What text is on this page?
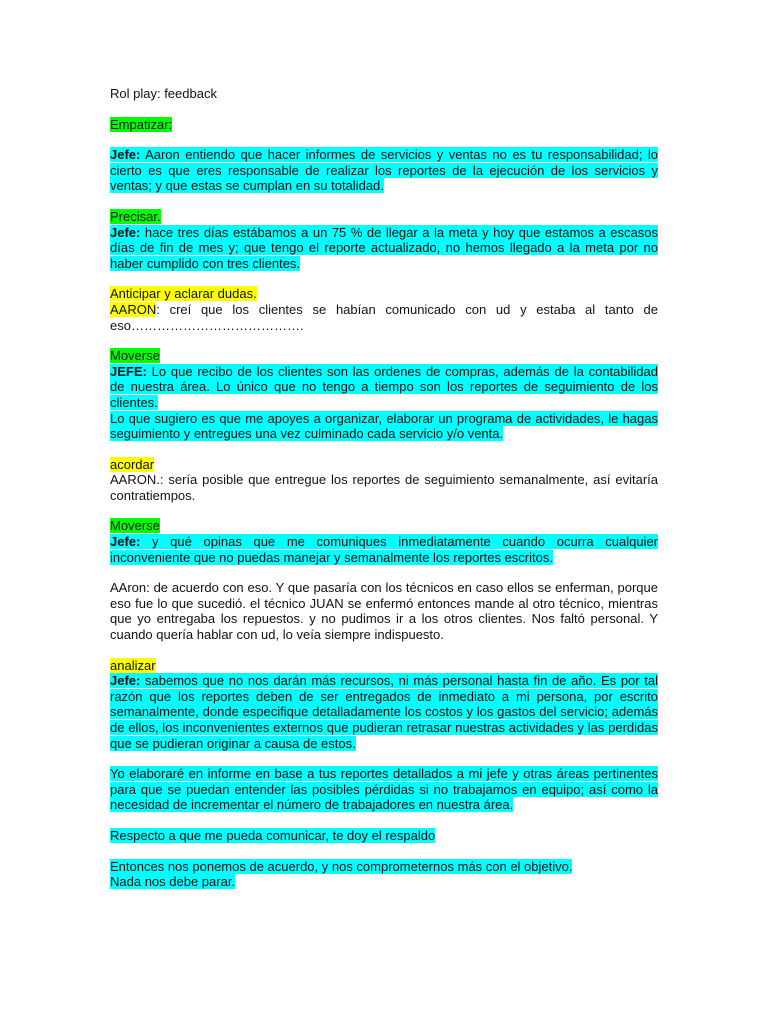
Rol play: feedback
Empatizar:
Jefe: Aaron entiendo que hacer informes de servicios y ventas no es tu responsabilidad; lo cierto es que eres responsable de realizar los reportes de la ejecución de los servicios y ventas; y que estas se cumplan en su totalidad.
Precisar.
Jefe: hace tres días estábamos a un 75 % de llegar a la meta y hoy que estamos a escasos días de fin de mes y; que tengo el reporte actualizado, no hemos llegado a la meta por no haber cumplido con tres clientes.
Anticipar y aclarar dudas.
AARON: creí que los clientes se habían comunicado con ud y estaba al tanto de eso………………………………….
Moverse
JEFE: Lo que recibo de los clientes son las ordenes de compras, además de la contabilidad de nuestra área. Lo único que no tengo a tiempo son los reportes de seguimiento de los clientes.
Lo que sugiero es que me apoyes a organizar, elaborar un programa de actividades, le hagas seguimiento y entregues una vez culminado cada servicio y/o venta.
acordar
AARON.: sería posible que entregue los reportes de seguimiento semanalmente, así evitaría contratiempos.
Moverse
Jefe: y qué opinas que me comuniques inmediatamente cuando ocurra cualquier inconveniente que no puedas manejar y semanalmente los reportes escritos.
AAron: de acuerdo con eso. Y que pasaría con los técnicos en caso ellos se enferman, porque eso fue lo que sucedió. el técnico JUAN se enfermó entonces mande al otro técnico, mientras que yo entregaba los repuestos. y no pudimos ir a los otros clientes. Nos faltó personal. Y cuando quería hablar con ud, lo veía siempre indispuesto.
analizar
Jefe: sabemos que no nos darán más recursos, ni más personal hasta fin de año. Es por tal razón que los reportes deben de ser entregados de inmediato a mi persona, por escrito semanalmente, donde especifique detalladamente los costos y los gastos del servicio; además de ellos, los inconvenientes externos que pudieran retrasar nuestras actividades y las perdidas que se pudieran originar a causa de estos.
Yo elaboraré en informe en base a tus reportes detallados a mi jefe y otras áreas pertinentes para que se puedan entender las posibles pérdidas si no trabajamos en equipo; así como la necesidad de incrementar el número de trabajadores en nuestra área.
Respecto a que me pueda comunicar, te doy el respaldo
Entonces nos ponemos de acuerdo, y nos comprometernos más con el objetivo.
Nada nos debe parar.
